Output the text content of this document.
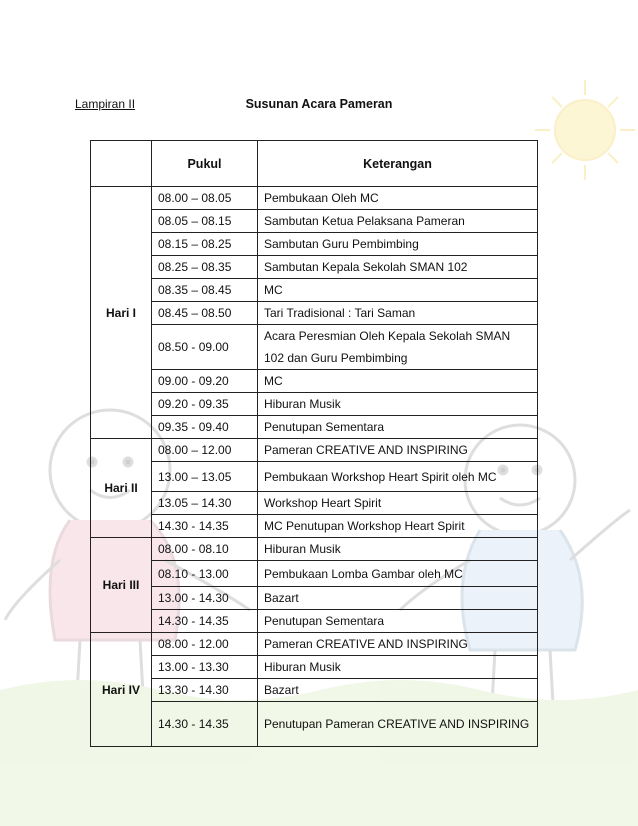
Lampiran II	Susunan Acara Pameran
	Pukul	Keterangan
Hari I	08.00 – 08.05	Pembukaan Oleh MC
	08.05 – 08.15	Sambutan Ketua Pelaksana Pameran
	08.15 – 08.25	Sambutan Guru Pembimbing
	08.25 – 08.35	Sambutan Kepala Sekolah SMAN 102
	08.35 – 08.45	MC
	08.45 – 08.50	Tari Tradisional : Tari Saman
	08.50 - 09.00	Acara Peresmian Oleh Kepala Sekolah SMAN 102 dan Guru Pembimbing
	09.00 - 09.20	MC
	09.20 - 09.35	Hiburan Musik
	09.35 - 09.40	Penutupan Sementara
Hari II	08.00 – 12.00	Pameran CREATIVE AND INSPIRING
	13.00 – 13.05	Pembukaan Workshop Heart Spirit oleh MC
	13.05 – 14.30	Workshop Heart Spirit
	14.30 - 14.35	MC Penutupan Workshop Heart Spirit
Hari III	08.00 - 08.10	Hiburan Musik
	08.10 - 13.00	Pembukaan Lomba Gambar oleh MC
	13.00 - 14.30	Bazart
	14.30 - 14.35	Penutupan Sementara
Hari IV	08.00 - 12.00	Pameran CREATIVE AND INSPIRING
	13.00 - 13.30	Hiburan Musik
	13.30 - 14.30	Bazart
	14.30 - 14.35	Penutupan Pameran CREATIVE AND INSPIRING
